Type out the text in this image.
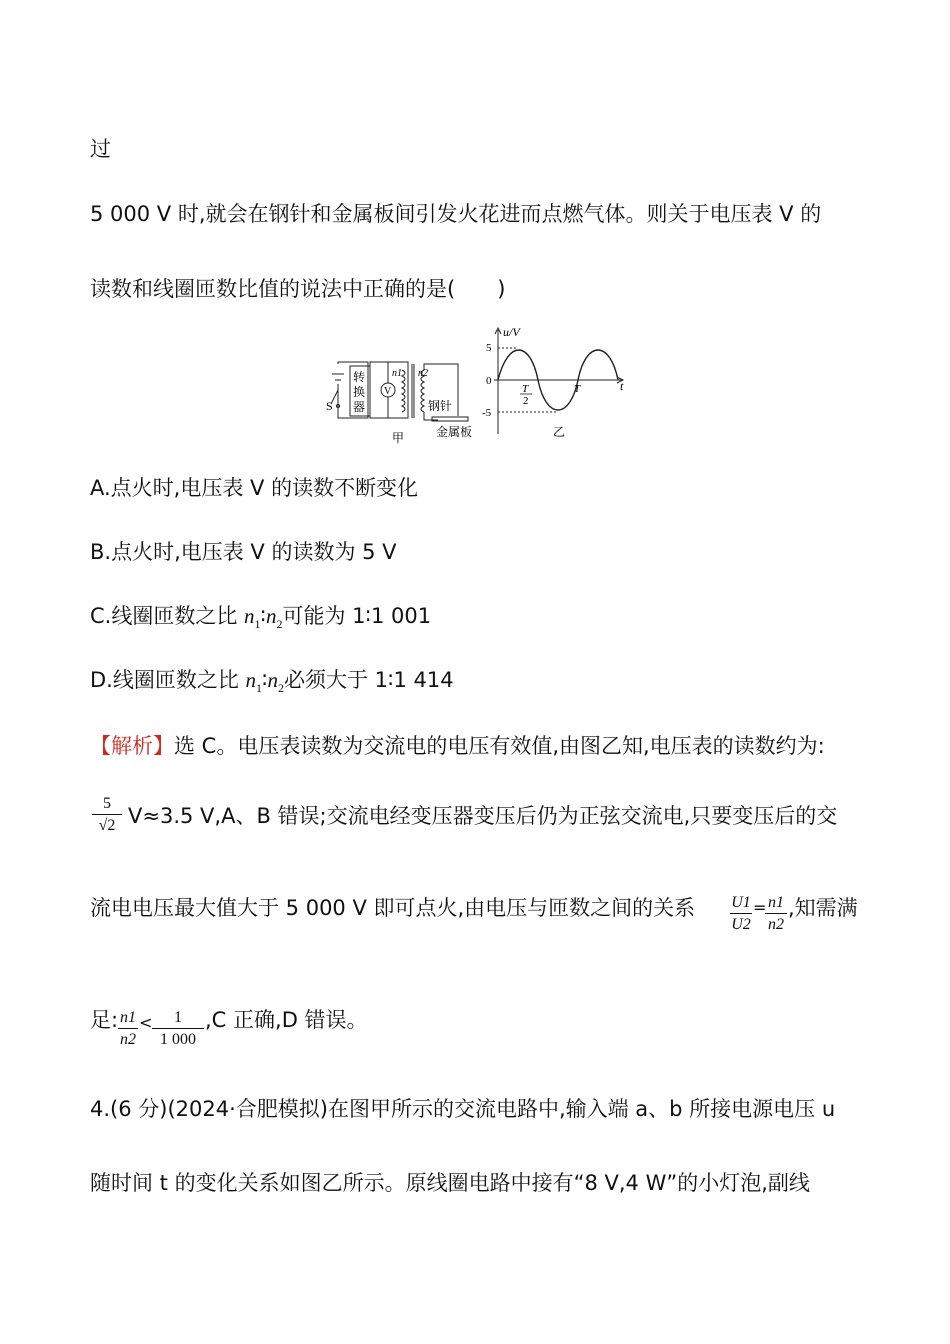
过
5 000 V 时,就会在钢针和金属板间引发火花进而点燃气体。则关于电压表 V 的
读数和线圈匝数比值的说法中正确的是(　　)
S
转
换
器
V
n1 n2
钢针
金属板
甲
u/V
5
0
-5
T
2
T	t
乙
A.点火时,电压表 V 的读数不断变化
B.点火时,电压表 V 的读数为 5 V
C.线圈匝数之比 $n_1∶n_2$可能为 1∶1 001
D.线圈匝数之比 $n_1∶n_2$必须大于 1∶1 414
【解析】选 C。电压表读数为交流电的电压有效值,由图乙知,电压表的读数约为:
$\frac{5}{√2} V\approx 3.5$ V,A、B 错误;交流电经变压器变压后仍为正弦交流电,只要变压后的交
流电电压最大值大于 5 000 V 即可点火,由电压与匝数之间的关系 $\frac{U1}{U2}$ =
$\frac{n1}{n2}$ ,知需满
足: $\frac{n1}{n2} < \frac{1}{1 000} ,C$ 正确,D 错误。
4.(6 分)(2024·合肥模拟)在图甲所示的交流电路中,输入端 a、b 所接电源电压 u
随时间 t 的变化关系如图乙所示。原线圈电路中接有“8 V,4 W”的小灯泡,副线
